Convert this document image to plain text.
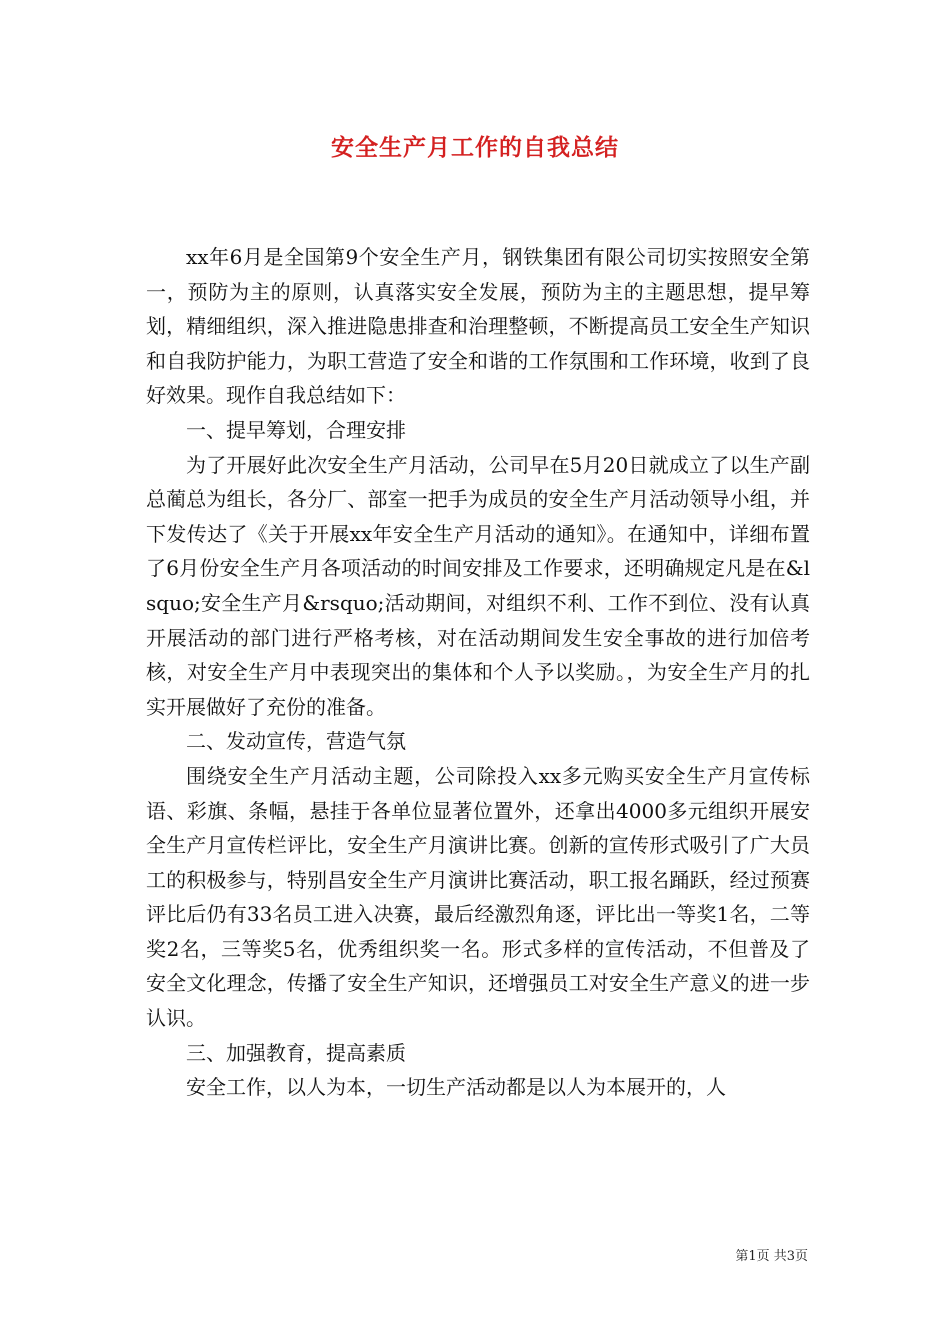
安全生产月工作的自我总结

xx年6月是全国第9个安全生产月，钢铁集团有限公司切实按照安全第一，预防为主的原则，认真落实安全发展，预防为主的主题思想，提早筹划，精细组织，深入推进隐患排查和治理整顿，不断提高员工安全生产知识和自我防护能力，为职工营造了安全和谐的工作氛围和工作环境，收到了良好效果。现作自我总结如下：

一、提早筹划，合理安排

为了开展好此次安全生产月活动，公司早在5月20日就成立了以生产副总蔺总为组长，各分厂、部室一把手为成员的安全生产月活动领导小组，并下发传达了《关于开展xx年安全生产月活动的通知》。在通知中，详细布置了6月份安全生产月各项活动的时间安排及工作要求，还明确规定凡是在&lsquo;安全生产月&rsquo;活动期间，对组织不利、工作不到位、没有认真开展活动的部门进行严格考核，对在活动期间发生安全事故的进行加倍考核，对安全生产月中表现突出的集体和个人予以奖励。，为安全生产月的扎实开展做好了充份的准备。

二、发动宣传，营造气氛

围绕安全生产月活动主题，公司除投入xx多元购买安全生产月宣传标语、彩旗、条幅，悬挂于各单位显著位置外，还拿出4000多元组织开展安全生产月宣传栏评比，安全生产月演讲比赛。创新的宣传形式吸引了广大员工的积极参与，特别昌安全生产月演讲比赛活动，职工报名踊跃，经过预赛评比后仍有33名员工进入决赛，最后经激烈角逐，评比出一等奖1名，二等奖2名，三等奖5名，优秀组织奖一名。形式多样的宣传活动，不但普及了安全文化理念，传播了安全生产知识，还增强员工对安全生产意义的进一步认识。

三、加强教育，提高素质

安全工作，以人为本，一切生产活动都是以人为本展开的，人

第1页 共3页
